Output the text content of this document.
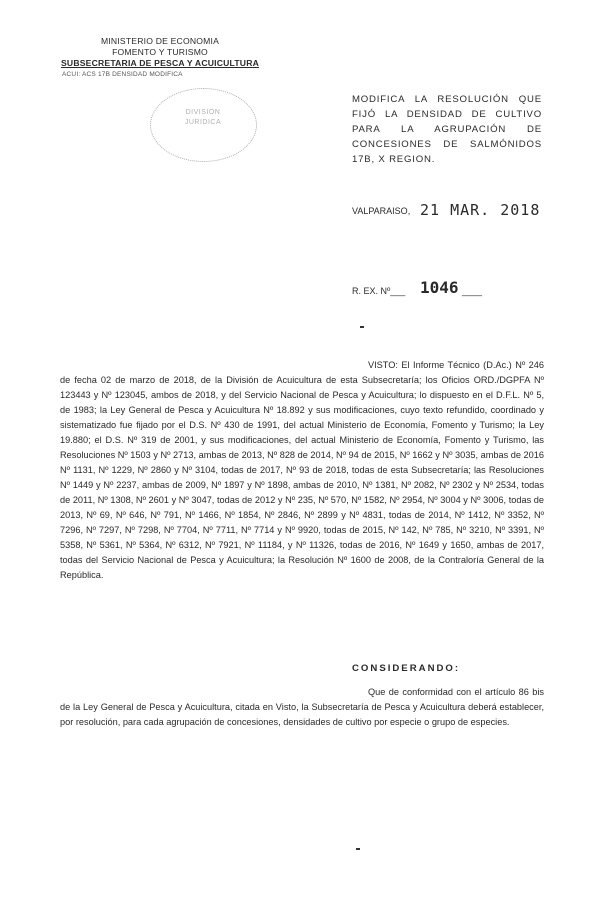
MINISTERIO DE ECONOMIA
FOMENTO Y TURISMO
SUBSECRETARIA DE PESCA Y ACUICULTURA
ACUI: ACS 17B DENSIDAD MODIFICA
DIVISION
JURIDICA
MODIFICA LA RESOLUCIÓN QUE FIJÓ LA DENSIDAD DE CULTIVO PARA LA AGRUPACIÓN DE CONCESIONES DE SALMÓNIDOS 17B, X REGION.
VALPARAISO, 21 MAR. 2018
R. EX. Nº___ 1046 ____
VISTO: El Informe Técnico (D.Ac.) Nº 246 de fecha 02 de marzo de 2018, de la División de Acuicultura de esta Subsecretaría; los Oficios ORD./DGPFA Nº 123443 y Nº 123045, ambos de 2018, y del Servicio Nacional de Pesca y Acuicultura; lo dispuesto en el D.F.L. Nº 5, de 1983; la Ley General de Pesca y Acuicultura Nº 18.892 y sus modificaciones, cuyo texto refundido, coordinado y sistematizado fue fijado por el D.S. Nº 430 de 1991, del actual Ministerio de Economía, Fomento y Turismo; la Ley 19.880; el D.S. Nº 319 de 2001, y sus modificaciones, del actual Ministerio de Economía, Fomento y Turismo, las Resoluciones Nº 1503 y Nº 2713, ambas de 2013, Nº 828 de 2014, Nº 94 de 2015, Nº 1662 y Nº 3035, ambas de 2016 Nº 1131, Nº 1229, Nº 2860 y Nº 3104, todas de 2017, Nº 93 de 2018, todas de esta Subsecretaría; las Resoluciones Nº 1449 y Nº 2237, ambas de 2009, Nº 1897 y Nº 1898, ambas de 2010, Nº 1381, Nº 2082, Nº 2302 y Nº 2534, todas de 2011, Nº 1308, Nº 2601 y Nº 3047, todas de 2012 y Nº 235, Nº 570, Nº 1582, Nº 2954, Nº 3004 y Nº 3006, todas de 2013, Nº 69, Nº 646, Nº 791, Nº 1466, Nº 1854, Nº 2846, Nº 2899 y Nº 4831, todas de 2014, Nº 1412, Nº 3352, Nº 7296, Nº 7297, Nº 7298, Nº 7704, Nº 7711, Nº 7714 y Nº 9920, todas de 2015, Nº 142, Nº 785, Nº 3210, Nº 3391, Nº 5358, Nº 5361, Nº 5364, Nº 6312, Nº 7921, Nº 11184, y Nº 11326, todas de 2016, Nº 1649 y 1650, ambas de 2017, todas del Servicio Nacional de Pesca y Acuicultura; la Resolución Nº 1600 de 2008, de la Contraloría General de la República.
CONSIDERANDO:
Que de conformidad con el artículo 86 bis de la Ley General de Pesca y Acuicultura, citada en Visto, la Subsecretaría de Pesca y Acuicultura deberá establecer, por resolución, para cada agrupación de concesiones, densidades de cultivo por especie o grupo de especies.
